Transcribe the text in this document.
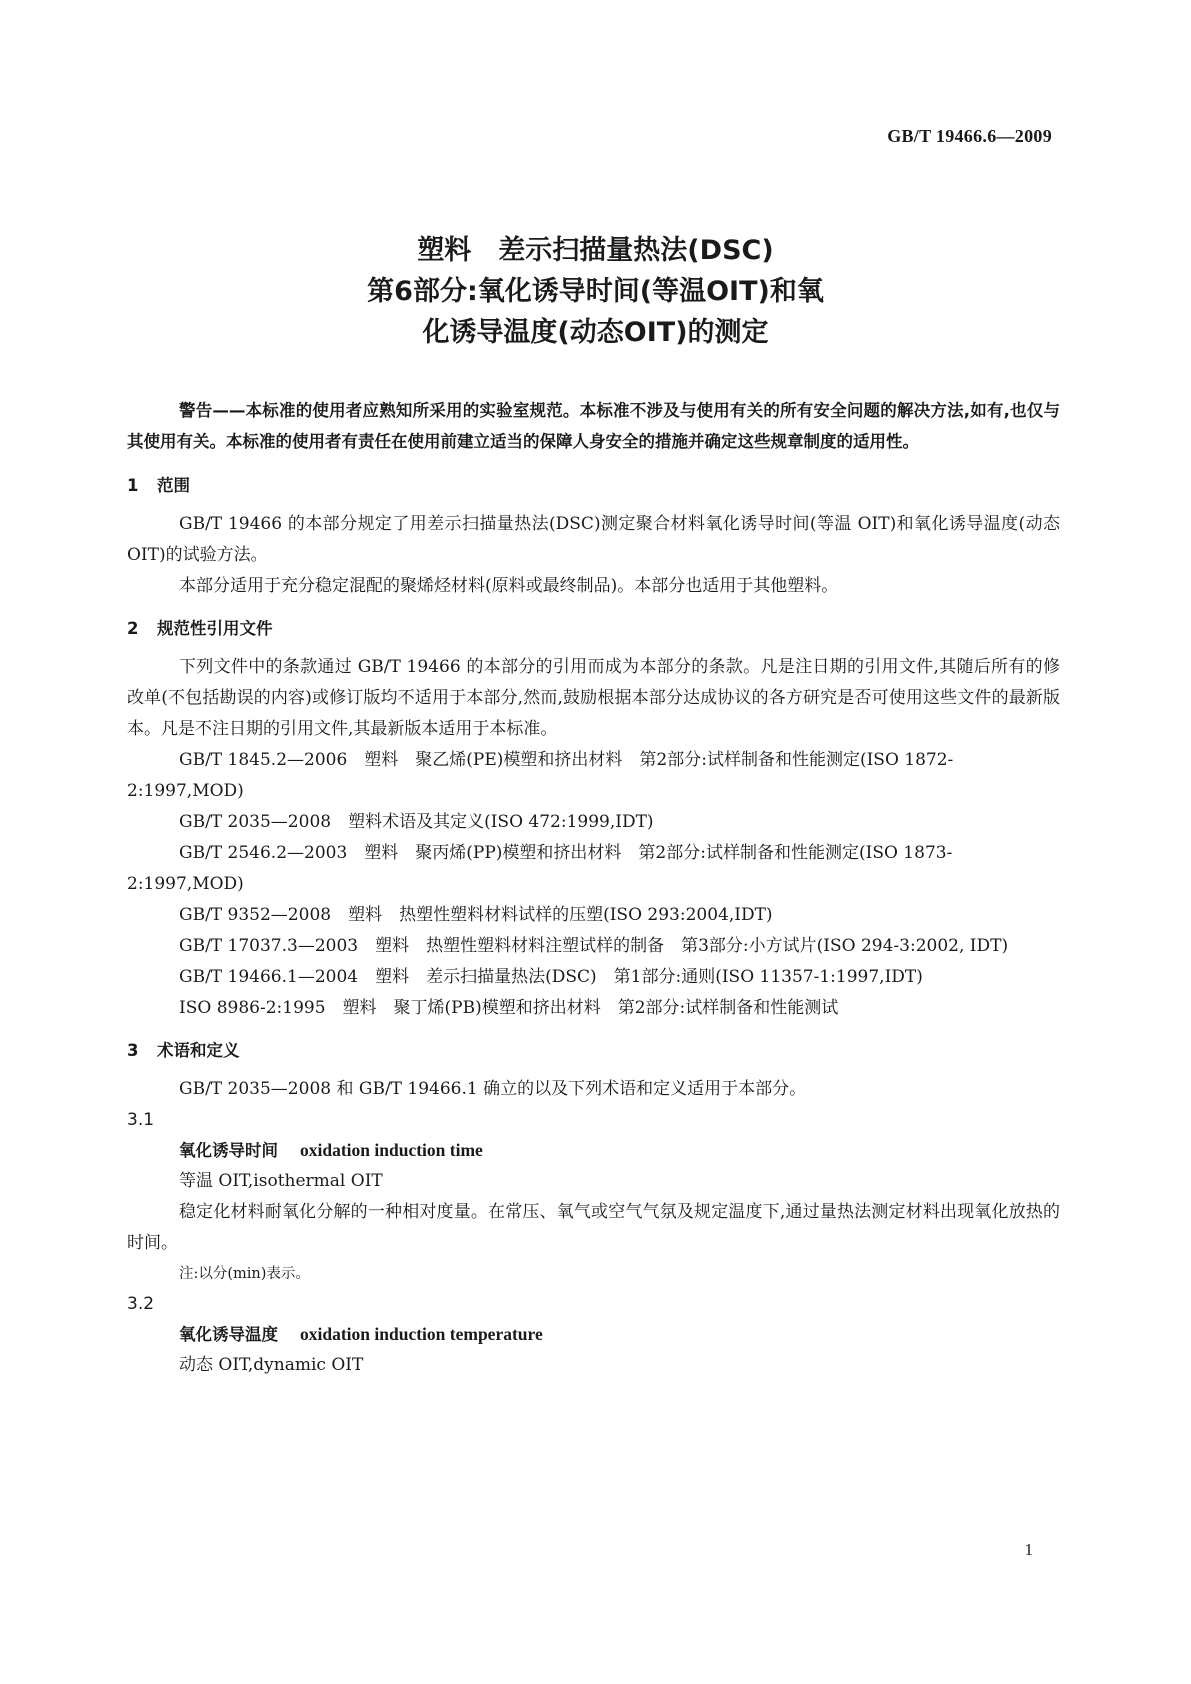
GB/T 19466.6—2009
塑料　差示扫描量热法(DSC)
第6部分:氧化诱导时间(等温OIT)和氧
化诱导温度(动态OIT)的测定

警告——本标准的使用者应熟知所采用的实验室规范。本标准不涉及与使用有关的所有安全问题的解决方法,如有,也仅与其使用有关。本标准的使用者有责任在使用前建立适当的保障人身安全的措施并确定这些规章制度的适用性。

1 范围

GB/T 19466 的本部分规定了用差示扫描量热法(DSC)测定聚合材料氧化诱导时间(等温 OIT)和氧化诱导温度(动态 OIT)的试验方法。

本部分适用于充分稳定混配的聚烯烃材料(原料或最终制品)。本部分也适用于其他塑料。

2 规范性引用文件

下列文件中的条款通过 GB/T 19466 的本部分的引用而成为本部分的条款。凡是注日期的引用文件,其随后所有的修改单(不包括勘误的内容)或修订版均不适用于本部分,然而,鼓励根据本部分达成协议的各方研究是否可使用这些文件的最新版本。凡是不注日期的引用文件,其最新版本适用于本标准。

GB/T 1845.2—2006　塑料　聚乙烯(PE)模塑和挤出材料　第2部分:试样制备和性能测定(ISO 1872-2:1997,MOD)

GB/T 2035—2008　塑料术语及其定义(ISO 472:1999,IDT)

GB/T 2546.2—2003　塑料　聚丙烯(PP)模塑和挤出材料　第2部分:试样制备和性能测定(ISO 1873-2:1997,MOD)

GB/T 9352—2008　塑料　热塑性塑料材料试样的压塑(ISO 293:2004,IDT)

GB/T 17037.3—2003　塑料　热塑性塑料材料注塑试样的制备　第3部分:小方试片(ISO 294-3:2002, IDT)

GB/T 19466.1—2004　塑料　差示扫描量热法(DSC)　第1部分:通则(ISO 11357-1:1997,IDT)

ISO 8986-2:1995　塑料　聚丁烯(PB)模塑和挤出材料　第2部分:试样制备和性能测试

3 术语和定义

GB/T 2035—2008 和 GB/T 19466.1 确立的以及下列术语和定义适用于本部分。

3.1

氧化诱导时间 oxidation induction time

等温 OIT,isothermal OIT

稳定化材料耐氧化分解的一种相对度量。在常压、氧气或空气气氛及规定温度下,通过量热法测定材料出现氧化放热的时间。

注:以分(min)表示。

3.2

氧化诱导温度 oxidation induction temperature

动态 OIT,dynamic OIT

1
